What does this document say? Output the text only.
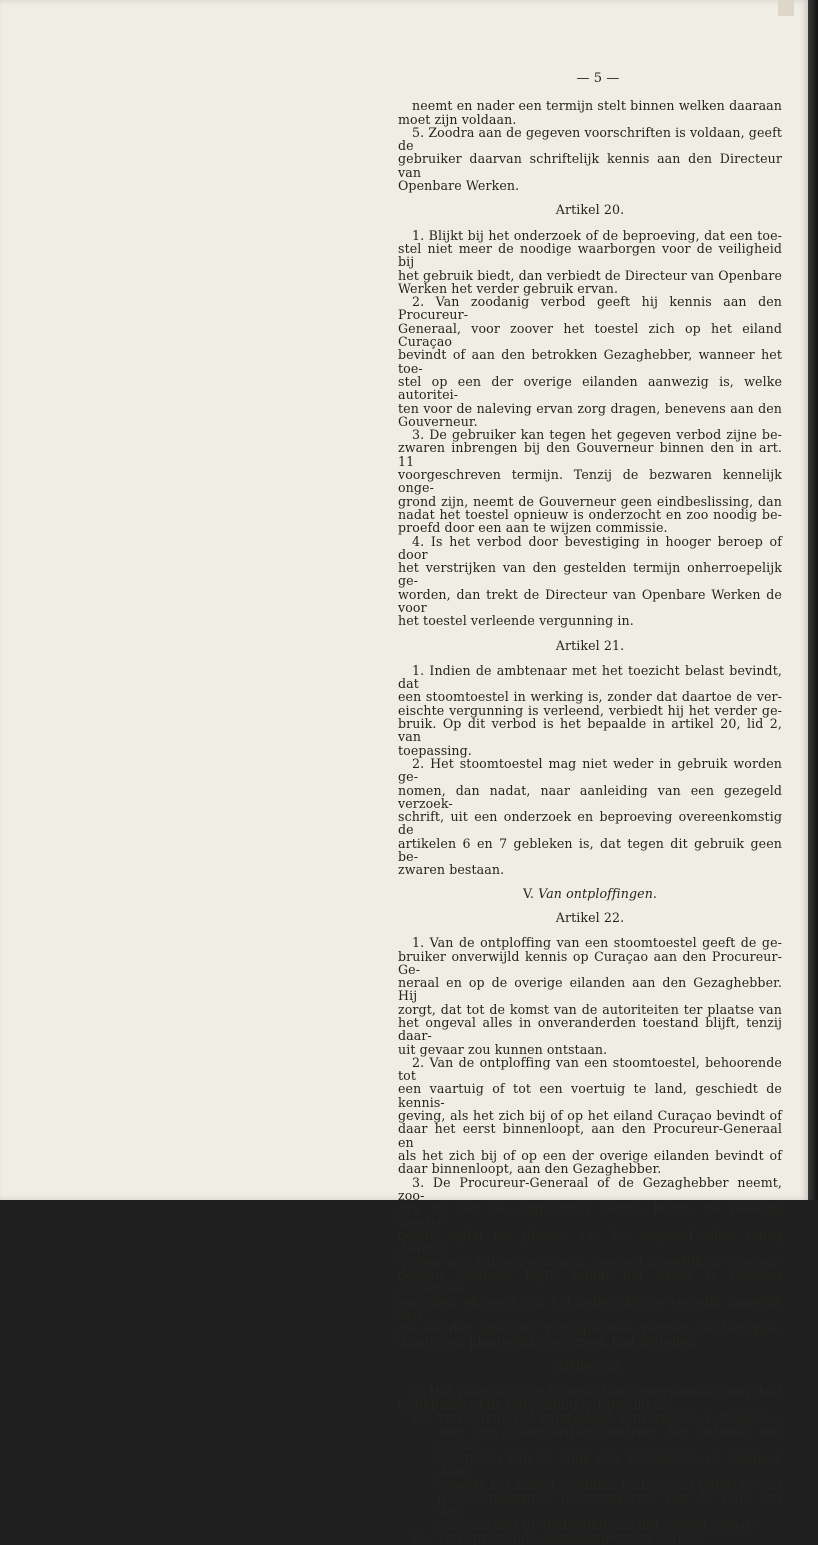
— 5 —

neemt en nader een termijn stelt binnen welken daaraan

moet zijn voldaan.

5. Zoodra aan de gegeven voorschriften is voldaan, geeft de

gebruiker daarvan schriftelijk kennis aan den Directeur van

Openbare Werken.

Artikel 20.

1. Blijkt bij het onderzoek of de beproeving, dat een toe-

stel niet meer de noodige waarborgen voor de veiligheid bij

het gebruik biedt, dan verbiedt de Directeur van Openbare

Werken het verder gebruik ervan.

2. Van zoodanig verbod geeft hij kennis aan den Procureur-

Generaal, voor zoover het toestel zich op het eiland Curaçao

bevindt of aan den betrokken Gezaghebber, wanneer het toe-

stel op een der overige eilanden aanwezig is, welke autoritei-

ten voor de naleving ervan zorg dragen, benevens aan den

Gouverneur.

3. De gebruiker kan tegen het gegeven verbod zijne be-

zwaren inbrengen bij den Gouverneur binnen den in art. 11

voorgeschreven termijn. Tenzij de bezwaren kennelijk onge-

grond zijn, neemt de Gouverneur geen eindbeslissing, dan

nadat het toestel opnieuw is onderzocht en zoo noodig be-

proefd door een aan te wijzen commissie.

4. Is het verbod door bevestiging in hooger beroep of door

het verstrijken van den gestelden termijn onherroepelijk ge-

worden, dan trekt de Directeur van Openbare Werken de voor

het toestel verleende vergunning in.

Artikel 21.

1. Indien de ambtenaar met het toezicht belast bevindt, dat

een stoomtoestel in werking is, zonder dat daartoe de ver-

eischte vergunning is verleend, verbiedt hij het verder ge-

bruik. Op dit verbod is het bepaalde in artikel 20, lid 2, van

toepassing.

2. Het stoomtoestel mag niet weder in gebruik worden ge-

nomen, dan nadat, naar aanleiding van een gezegeld verzoek-

schrift, uit een onderzoek en beproeving overeenkomstig de

artikelen 6 en 7 gebleken is, dat tegen dit gebruik geen be-

zwaren bestaan.

V. Van ontploffingen.
Artikel 22.

1. Van de ontploffing van een stoomtoestel geeft de ge-

bruiker onverwijld kennis op Curaçao aan den Procureur-Ge-

neraal en op de overige eilanden aan den Gezaghebber. Hij

zorgt, dat tot de komst van de autoriteiten ter plaatse van

het ongeval alles in onveranderden toestand blijft, tenzij daar-

uit gevaar zou kunnen ontstaan.

2. Van de ontploffing van een stoomtoestel, behoorende tot

een vaartuig of tot een voertuig te land, geschiedt de kennis-

geving, als het zich bij of op het eiland Curaçao bevindt of

daar het eerst binnenloopt, aan den Procureur-Generaal en

als het zich bij of op een der overige eilanden bevindt of

daar binnenloopt, aan den Gezaghebber.

3. De Procureur-Generaal of de Gezaghebber neemt, zoo-

dra hij van de ontploffing kennis krijgt, de noodige maatre-

gelen, opdat ter plaatse van het ongeval alles, tenzij daaruit

gevaar zou kunnen ontstaan, zooveel mogelijk in onveran-

derden toestand blijft, totdat het nader te noemen onderzoek

aanvangt en geeft van het gebeurde zoo spoedig mogelijk ken-

nis aan den Directeur van Openbare Werken, die ten spoe-

digste een plaatselijk onderzoek laat instellen.

Artikel 23.

1. Het plaatselijk onderzoek heeft voornamelijk ten doel

te bepalen of de ontploffing het gevolg is:

1o. van verzuim of nalatigheid, dan wel van verwaarloo-

zing van voorschriften omtrent het gebruik van stoom-

toestellen van de zijde des gebruikers, of wanneer deze

bewijst het zijne te hebben gedaan om naleving van

die voorschriften te verzekeren, van de zijde van den

persoon met de bediening van het toestel belast;

2o. van opzettelijke handelingen van derden;
